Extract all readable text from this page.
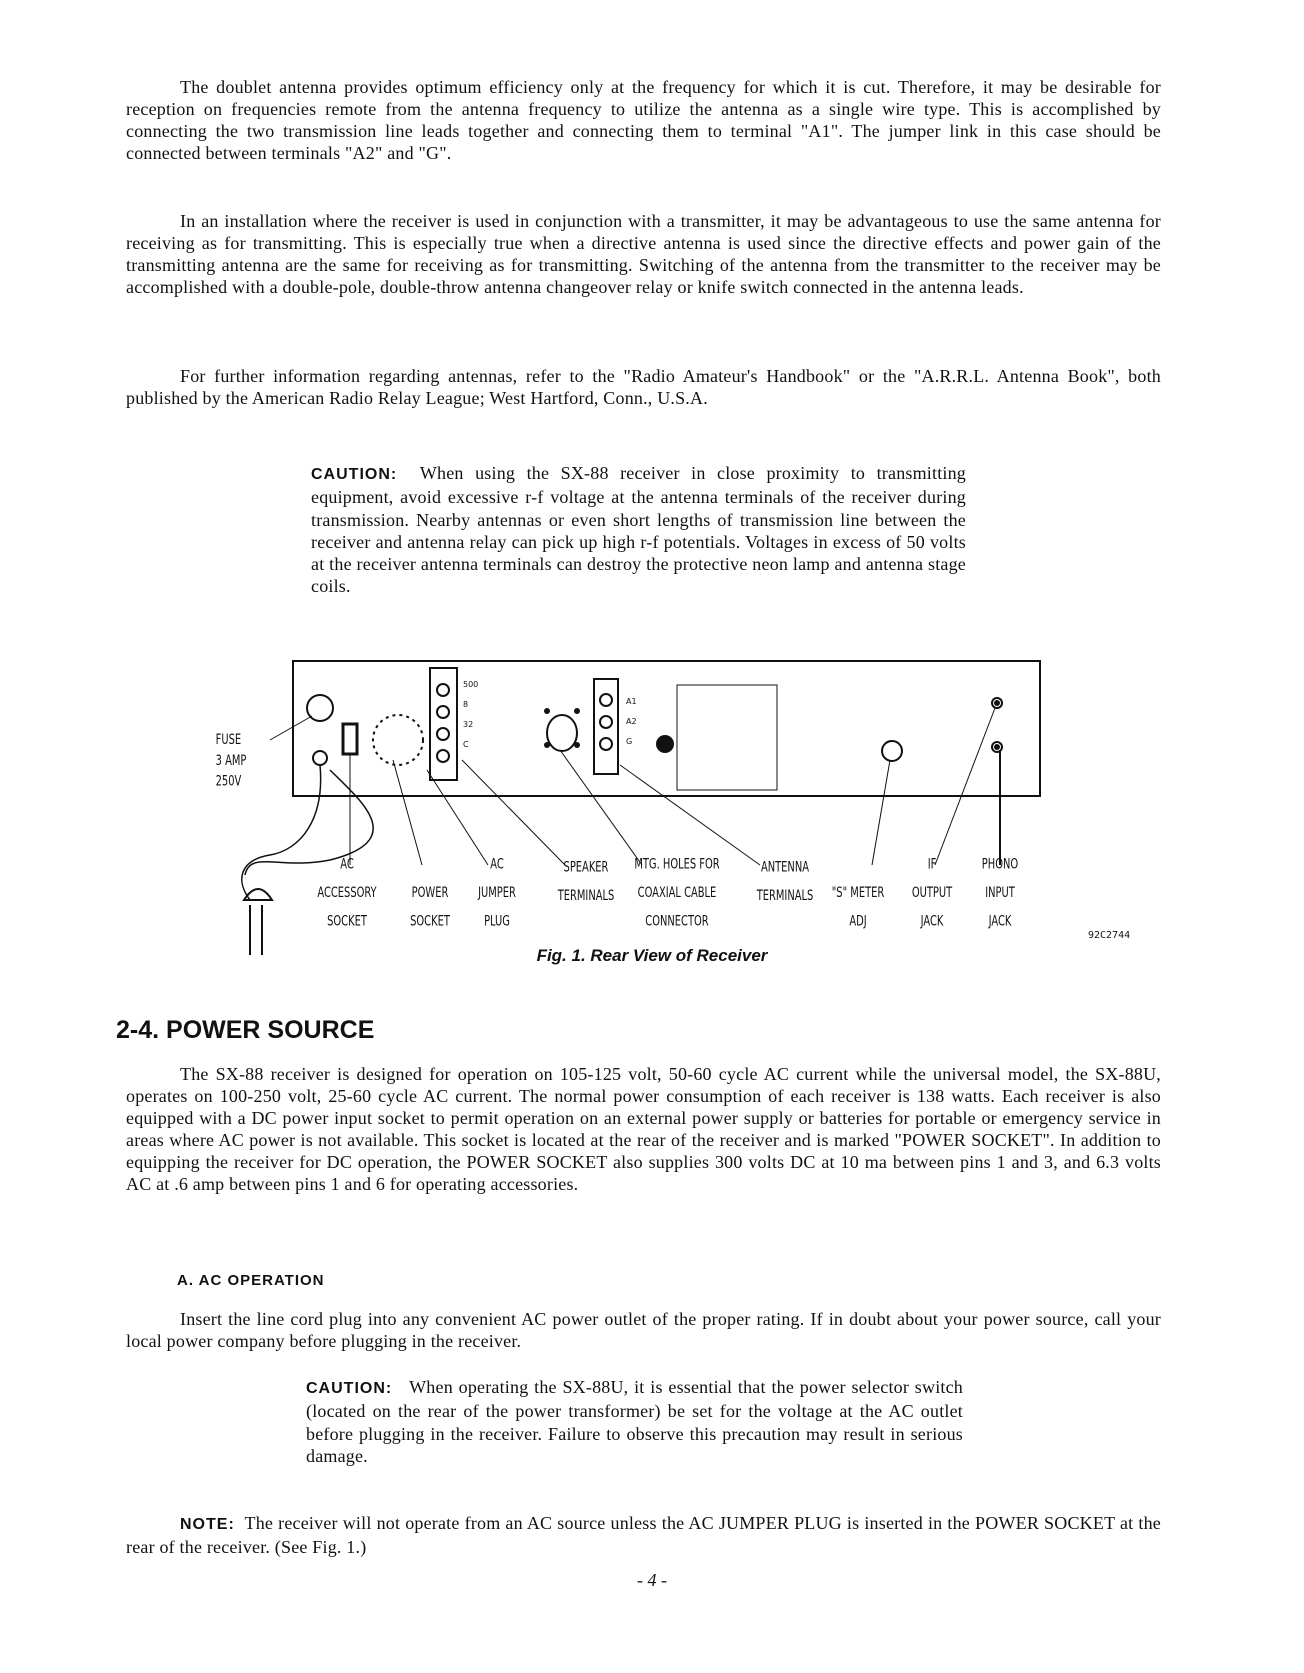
The doublet antenna provides optimum efficiency only at the frequency for which it is cut. Therefore, it may be desirable for reception on frequencies remote from the antenna frequency to utilize the antenna as a single wire type. This is accomplished by connecting the two transmission line leads together and connecting them to terminal "A1". The jumper link in this case should be connected between terminals "A2" and "G".

In an installation where the receiver is used in conjunction with a transmitter, it may be advantageous to use the same antenna for receiving as for transmitting. This is especially true when a directive antenna is used since the directive effects and power gain of the transmitting antenna are the same for receiving as for transmitting. Switching of the antenna from the transmitter to the receiver may be accomplished with a double-pole, double-throw antenna changeover relay or knife switch connected in the antenna leads.

For further information regarding antennas, refer to the "Radio Amateur's Handbook" or the "A.R.R.L. Antenna Book", both published by the American Radio Relay League; West Hartford, Conn., U.S.A.

CAUTION: When using the SX-88 receiver in close proximity to transmitting equipment, avoid excessive r-f voltage at the antenna terminals of the receiver during transmission. Nearby antennas or even short lengths of transmission line between the receiver and antenna relay can pick up high r-f potentials. Voltages in excess of 50 volts at the receiver antenna terminals can destroy the protective neon lamp and antenna stage coils.
FUSE
3 AMP
250V
AC
ACCESSORY
SOCKET

POWER
SOCKET
AC
JUMPER
PLUG
SPEAKER
TERMINALS
MTG. HOLES FOR
COAXIAL CABLE
CONNECTOR
ANTENNA
TERMINALS
"S" METER
ADJ
IF
OUTPUT
JACK
PHONO
INPUT
JACK
500
8
32
C
A1
A2
G
92C2744
Fig. 1. Rear View of Receiver
2-4. POWER SOURCE

The SX-88 receiver is designed for operation on 105-125 volt, 50-60 cycle AC current while the universal model, the SX-88U, operates on 100-250 volt, 25-60 cycle AC current. The normal power consumption of each receiver is 138 watts. Each receiver is also equipped with a DC power input socket to permit operation on an external power supply or batteries for portable or emergency service in areas where AC power is not available. This socket is located at the rear of the receiver and is marked "POWER SOCKET". In addition to equipping the receiver for DC operation, the POWER SOCKET also supplies 300 volts DC at 10 ma between pins 1 and 3, and 6.3 volts AC at .6 amp between pins 1 and 6 for operating accessories.

A. AC OPERATION

Insert the line cord plug into any convenient AC power outlet of the proper rating. If in doubt about your power source, call your local power company before plugging in the receiver.

CAUTION: When operating the SX-88U, it is essential that the power selector switch (located on the rear of the power transformer) be set for the voltage at the AC outlet before plugging in the receiver. Failure to observe this precaution may result in serious damage.

NOTE: The receiver will not operate from an AC source unless the AC JUMPER PLUG is inserted in the POWER SOCKET at the rear of the receiver. (See Fig. 1.)

- 4 -
